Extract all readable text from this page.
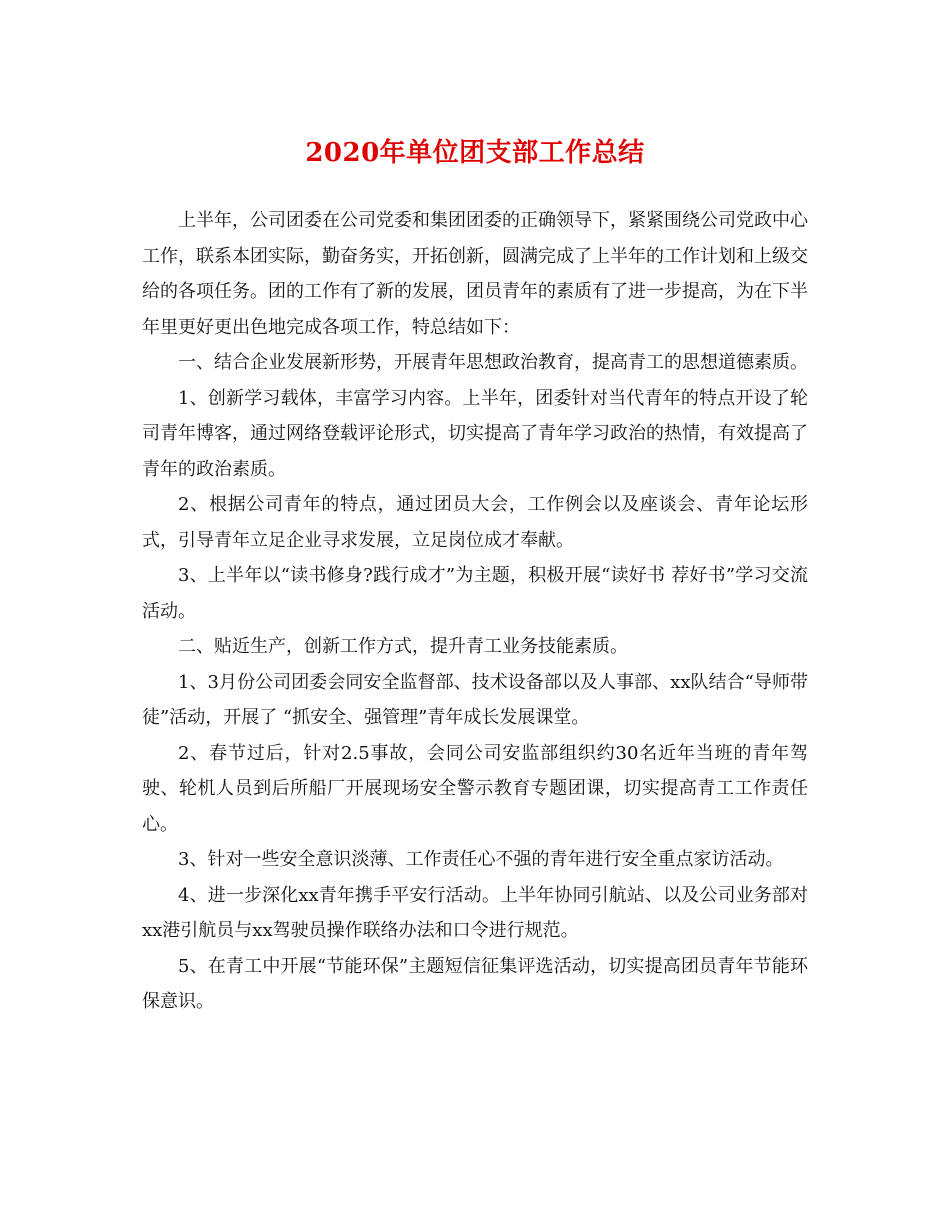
2020年单位团支部工作总结

上半年，公司团委在公司党委和集团团委的正确领导下，紧紧围绕公司党政中心工作，联系本团实际，勤奋务实，开拓创新，圆满完成了上半年的工作计划和上级交给的各项任务。团的工作有了新的发展，团员青年的素质有了进一步提高，为在下半年里更好更出色地完成各项工作，特总结如下：

一、结合企业发展新形势，开展青年思想政治教育，提高青工的思想道德素质。

1、创新学习载体，丰富学习内容。上半年，团委针对当代青年的特点开设了轮司青年博客，通过网络登载评论形式，切实提高了青年学习政治的热情，有效提高了青年的政治素质。

2、根据公司青年的特点，通过团员大会，工作例会以及座谈会、青年论坛形式，引导青年立足企业寻求发展，立足岗位成才奉献。

3、上半年以“读书修身?践行成才”为主题，积极开展“读好书 荐好书”学习交流活动。

二、贴近生产，创新工作方式，提升青工业务技能素质。

1、3月份公司团委会同安全监督部、技术设备部以及人事部、xx队结合“导师带徒”活动，开展了 “抓安全、强管理”青年成长发展课堂。

2、春节过后，针对2.5事故，会同公司安监部组织约30名近年当班的青年驾驶、轮机人员到后所船厂开展现场安全警示教育专题团课，切实提高青工工作责任心。

3、针对一些安全意识淡薄、工作责任心不强的青年进行安全重点家访活动。

4、进一步深化xx青年携手平安行活动。上半年协同引航站、以及公司业务部对xx港引航员与xx驾驶员操作联络办法和口令进行规范。

5、在青工中开展“节能环保”主题短信征集评选活动，切实提高团员青年节能环保意识。
